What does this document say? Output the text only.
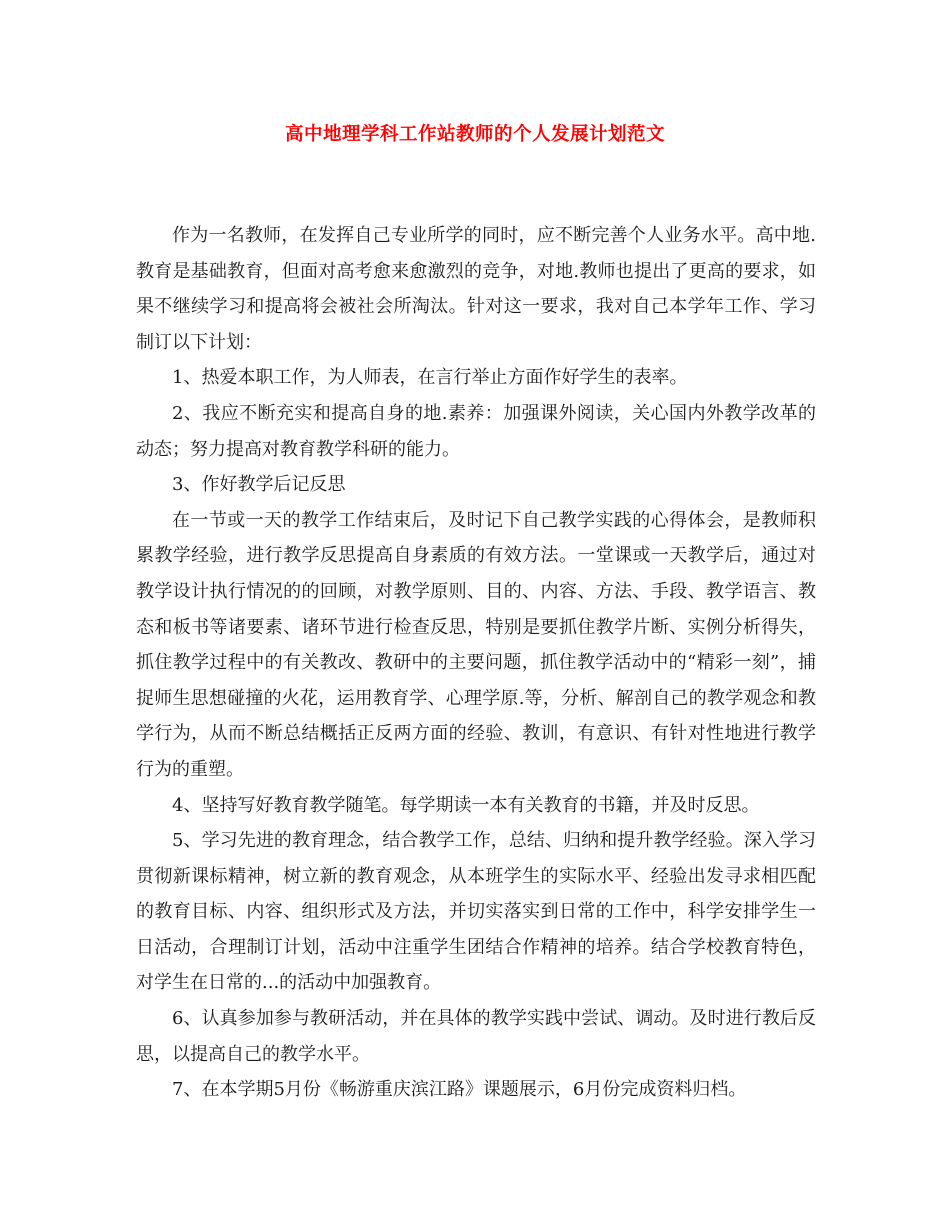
高中地理学科工作站教师的个人发展计划范文

作为一名教师，在发挥自己专业所学的同时，应不断完善个人业务水平。高中地.教育是基础教育，但面对高考愈来愈激烈的竞争，对地.教师也提出了更高的要求，如果不继续学习和提高将会被社会所淘汰。针对这一要求，我对自己本学年工作、学习制订以下计划：

1、热爱本职工作，为人师表，在言行举止方面作好学生的表率。

2、我应不断充实和提高自身的地.素养：加强课外阅读，关心国内外教学改革的动态；努力提高对教育教学科研的能力。

3、作好教学后记反思

在一节或一天的教学工作结束后，及时记下自己教学实践的心得体会，是教师积累教学经验，进行教学反思提高自身素质的有效方法。一堂课或一天教学后，通过对教学设计执行情况的的回顾，对教学原则、目的、内容、方法、手段、教学语言、教态和板书等诸要素、诸环节进行检查反思，特别是要抓住教学片断、实例分析得失，抓住教学过程中的有关教改、教研中的主要问题，抓住教学活动中的“精彩一刻”，捕捉师生思想碰撞的火花，运用教育学、心理学原.等，分析、解剖自己的教学观念和教学行为，从而不断总结概括正反两方面的经验、教训，有意识、有针对性地进行教学行为的重塑。

4、坚持写好教育教学随笔。每学期读一本有关教育的书籍，并及时反思。

5、学习先进的教育理念，结合教学工作，总结、归纳和提升教学经验。深入学习贯彻新课标精神，树立新的教育观念，从本班学生的实际水平、经验出发寻求相匹配的教育目标、内容、组织形式及方法，并切实落实到日常的工作中，科学安排学生一日活动，合理制订计划，活动中注重学生团结合作精神的培养。结合学校教育特色，对学生在日常的...的活动中加强教育。

6、认真参加参与教研活动，并在具体的教学实践中尝试、调动。及时进行教后反思，以提高自己的教学水平。

7、在本学期5月份《畅游重庆滨江路》课题展示，6月份完成资料归档。
